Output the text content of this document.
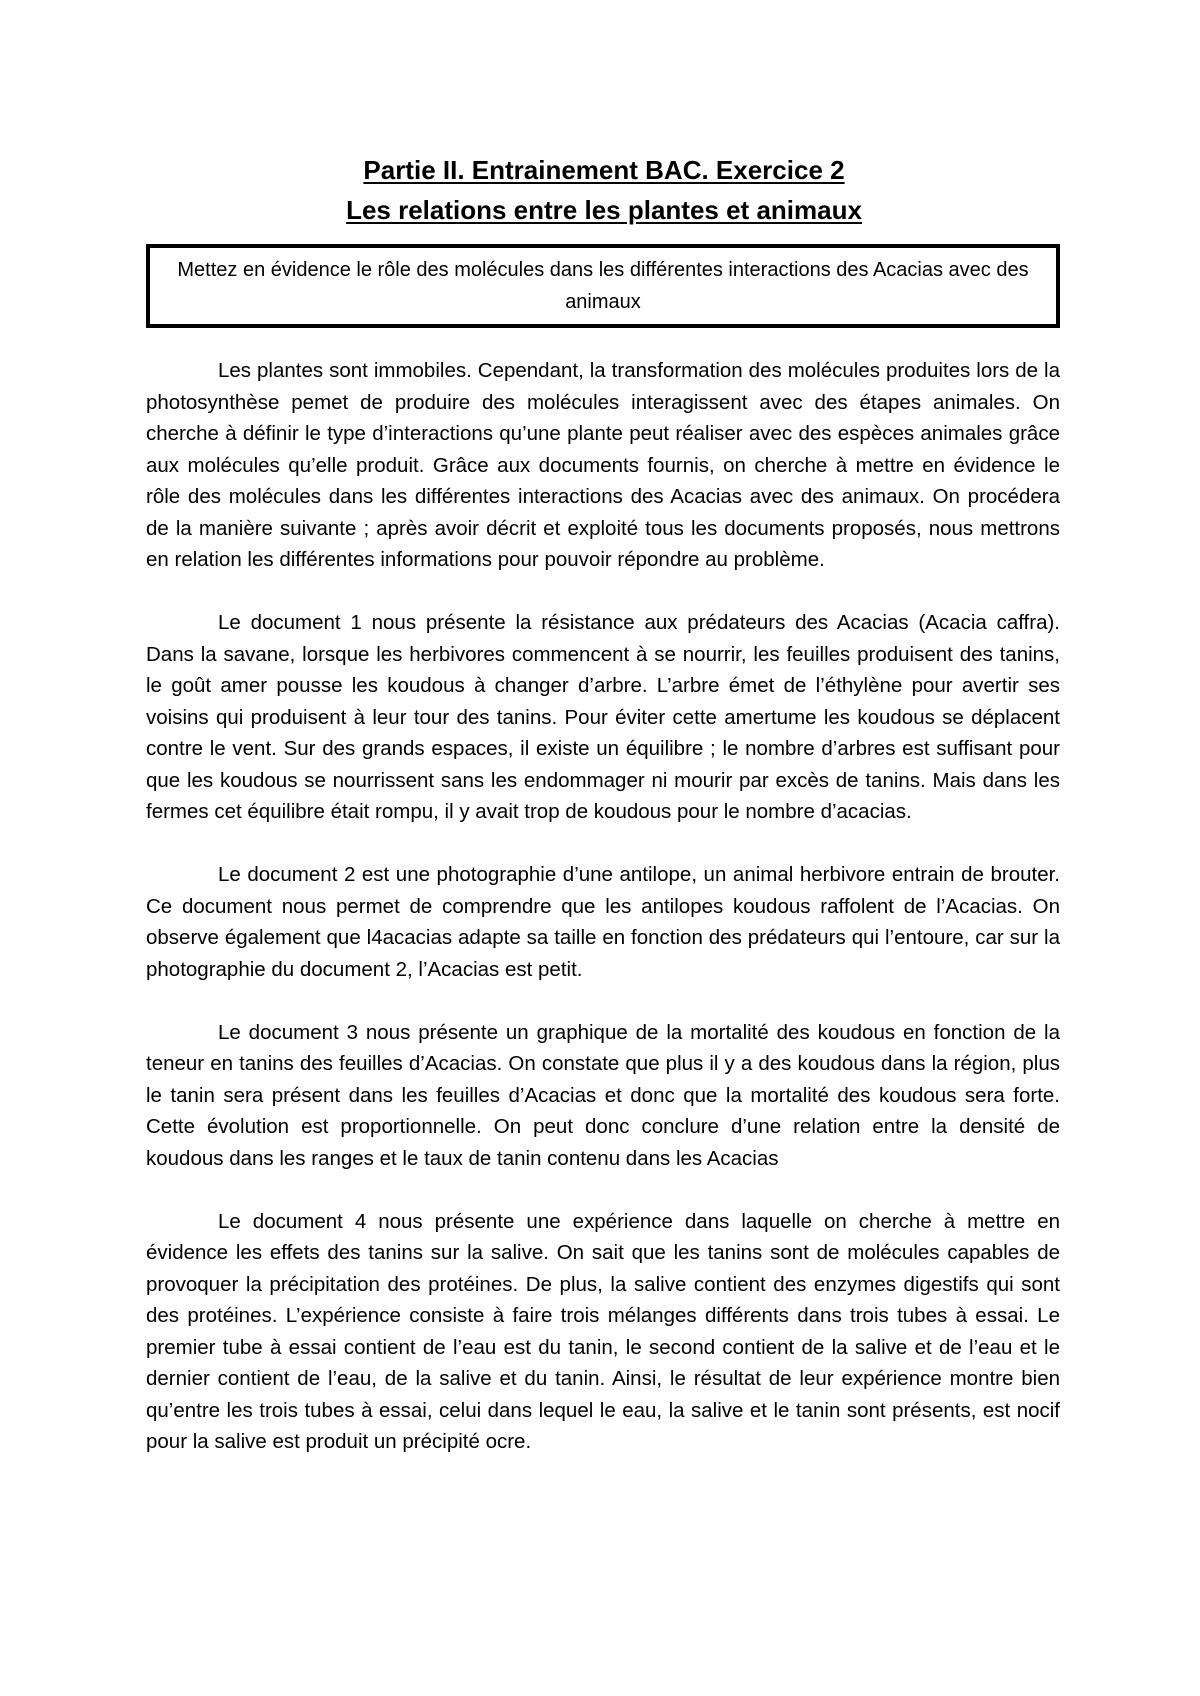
Partie II. Entrainement BAC. Exercice 2
Les relations entre les plantes et animaux
Mettez en évidence le rôle des molécules dans les différentes interactions des Acacias avec des animaux

Les plantes sont immobiles. Cependant, la transformation des molécules produites lors de la photosynthèse pemet de produire des molécules interagissent avec des étapes animales. On cherche à définir le type d’interactions qu’une plante peut réaliser avec des espèces animales grâce aux molécules qu’elle produit. Grâce aux documents fournis, on cherche à mettre en évidence le rôle des molécules dans les différentes interactions des Acacias avec des animaux. On procédera de la manière suivante ; après avoir décrit et exploité tous les documents proposés, nous mettrons en relation les différentes informations pour pouvoir répondre au problème.

Le document 1 nous présente la résistance aux prédateurs des Acacias (Acacia caffra). Dans la savane, lorsque les herbivores commencent à se nourrir, les feuilles produisent des tanins, le goût amer pousse les koudous à changer d’arbre. L’arbre émet de l’éthylène pour avertir ses voisins qui produisent à leur tour des tanins. Pour éviter cette amertume les koudous se déplacent contre le vent. Sur des grands espaces, il existe un équilibre ; le nombre d’arbres est suffisant pour que les koudous se nourrissent sans les endommager ni mourir par excès de tanins. Mais dans les fermes cet équilibre était rompu, il y avait trop de koudous pour le nombre d’acacias.

Le document 2 est une photographie d’une antilope, un animal herbivore entrain de brouter. Ce document nous permet de comprendre que les antilopes koudous raffolent de l’Acacias. On observe également que l4acacias adapte sa taille en fonction des prédateurs qui l’entoure, car sur la photographie du document 2, l’Acacias est petit.

Le document 3 nous présente un graphique de la mortalité des koudous en fonction de la teneur en tanins des feuilles d’Acacias. On constate que plus il y a des koudous dans la région, plus le tanin sera présent dans les feuilles d’Acacias et donc que la mortalité des koudous sera forte. Cette évolution est proportionnelle. On peut donc conclure d’une relation entre la densité de koudous dans les ranges et le taux de tanin contenu dans les Acacias

Le document 4 nous présente une expérience dans laquelle on cherche à mettre en évidence les effets des tanins sur la salive. On sait que les tanins sont de molécules capables de provoquer la précipitation des protéines. De plus, la salive contient des enzymes digestifs qui sont des protéines. L’expérience consiste à faire trois mélanges différents dans trois tubes à essai. Le premier tube à essai contient de l’eau est du tanin, le second contient de la salive et de l’eau et le dernier contient de l’eau, de la salive et du tanin. Ainsi, le résultat de leur expérience montre bien qu’entre les trois tubes à essai, celui dans lequel le eau, la salive et le tanin sont présents, est nocif pour la salive est produit un précipité ocre.
